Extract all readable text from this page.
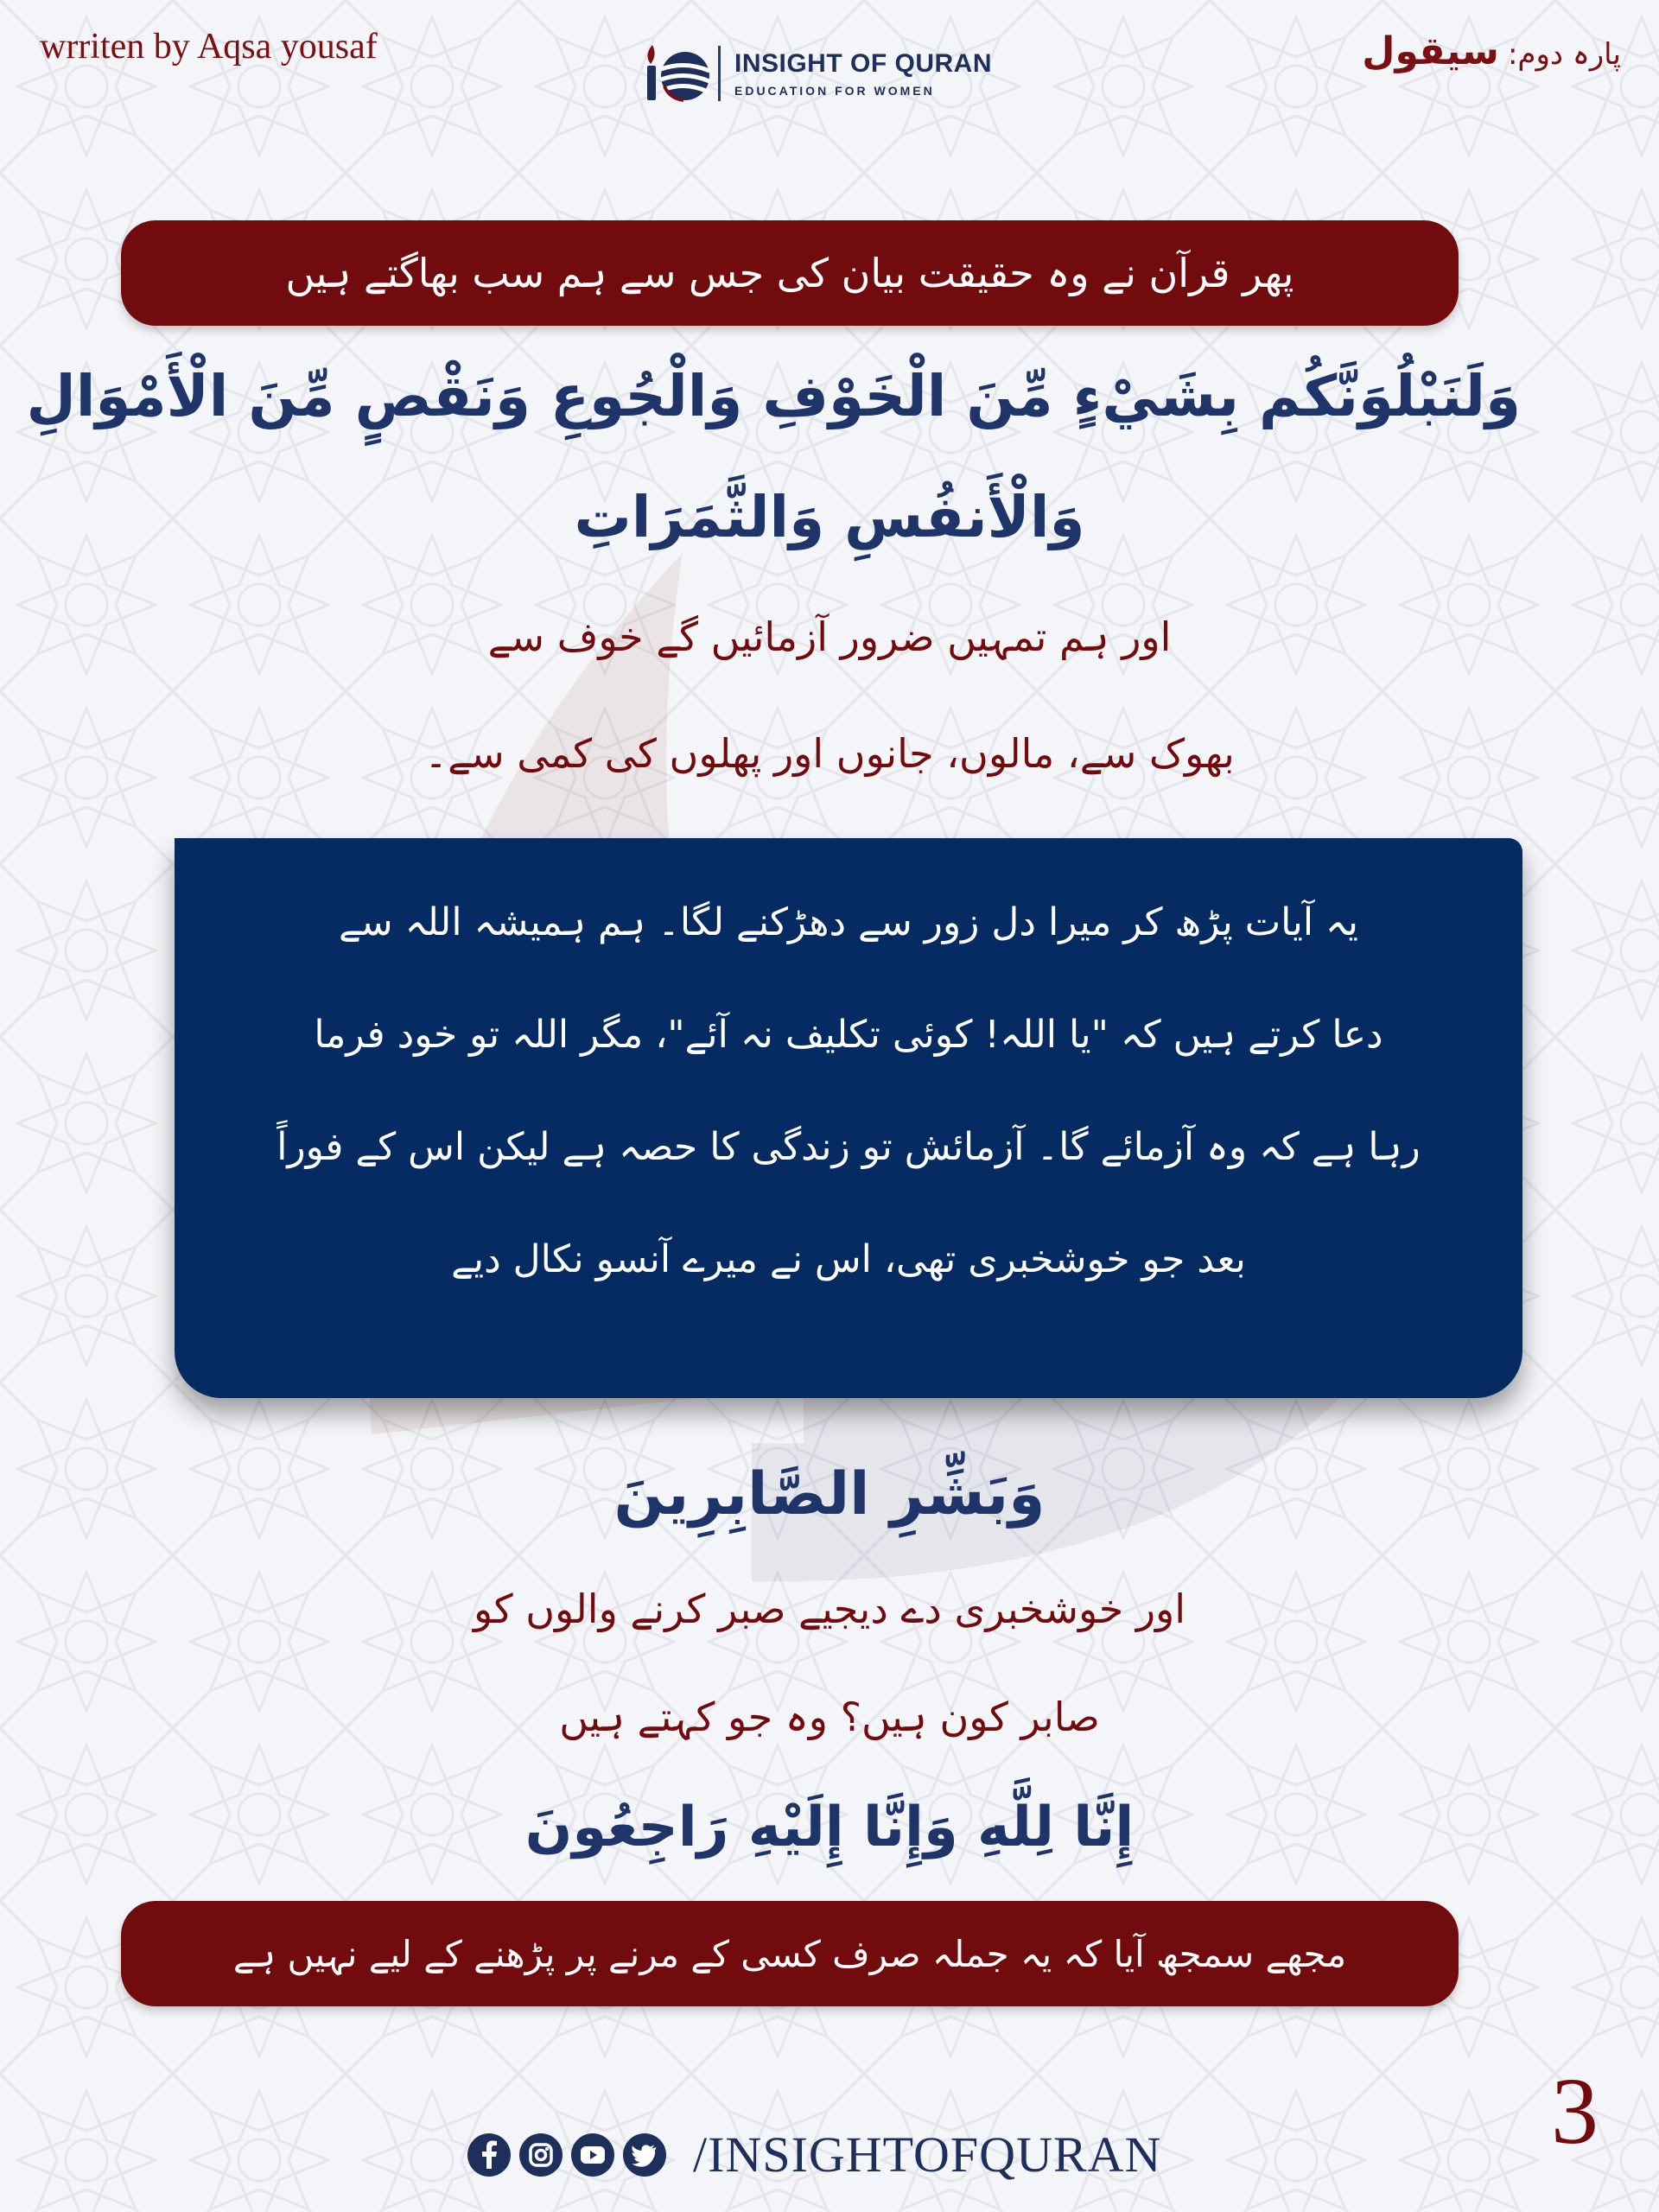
wrriten by Aqsa yousaf	INSIGHT OF QURAN
EDUCATION FOR WOMEN
پارہ دوم:
سیقول
پھر قرآن نے وہ حقیقت بیان کی جس سے ہم سب بھاگتے ہیں
وَلَنَبْلُوَنَّكُم بِشَيْءٍ مِّنَ الْخَوْفِ وَالْجُوعِ وَنَقْصٍ مِّنَ الْأَمْوَالِ
وَالْأَنفُسِ وَالثَّمَرَاتِ
اور ہم تمہیں ضرور آزمائیں گے خوف سے
بھوک سے، مالوں، جانوں اور پھلوں کی کمی سے۔
یہ آیات پڑھ کر میرا دل زور سے دھڑکنے لگا۔ ہم ہمیشہ اللہ سے
دعا کرتے ہیں کہ "یا اللہ! کوئی تکلیف نہ آئے"، مگر اللہ تو خود فرما
رہا ہے کہ وہ آزمائے گا۔ آزمائش تو زندگی کا حصہ ہے لیکن اس کے فوراً
بعد جو خوشخبری تھی، اس نے میرے آنسو نکال دیے
وَبَشِّرِ الصَّابِرِينَ
اور خوشخبری دے دیجیے صبر کرنے والوں کو
صابر کون ہیں؟ وہ جو کہتے ہیں
إِنَّا لِلَّهِ وَإِنَّا إِلَيْهِ رَاجِعُونَ
مجھے سمجھ آیا کہ یہ جملہ صرف کسی کے مرنے پر پڑھنے کے لیے نہیں ہے
3
/INSIGHTOFQURAN
